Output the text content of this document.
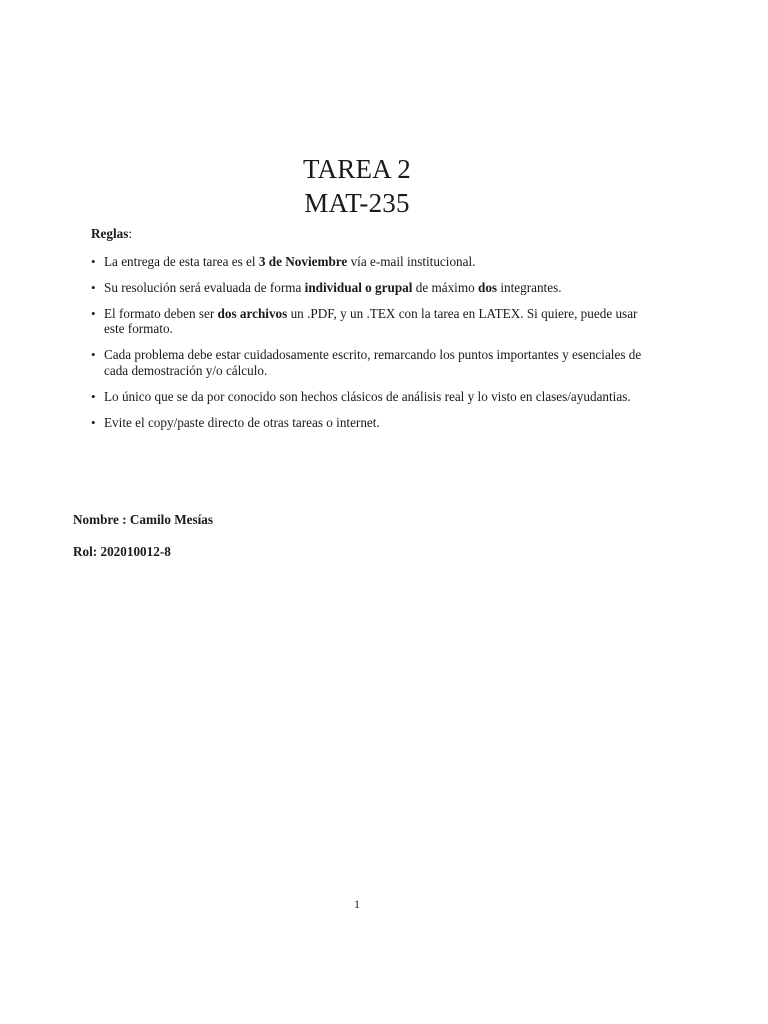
TAREA 2
MAT-235
Reglas:
• La entrega de esta tarea es el 3 de Noviembre vía e-mail institucional.
• Su resolución será evaluada de forma individual o grupal de máximo dos integrantes.
• El formato deben ser dos archivos un .PDF, y un .TEX con la tarea en LATEX. Si quiere, puede usar este formato.
• Cada problema debe estar cuidadosamente escrito, remarcando los puntos importantes y esenciales de cada demostración y/o cálculo.
• Lo único que se da por conocido son hechos clásicos de análisis real y lo visto en clases/ayudantias.
• Evite el copy/paste directo de otras tareas o internet.
Nombre : Camilo Mesías
Rol: 202010012-8
1
